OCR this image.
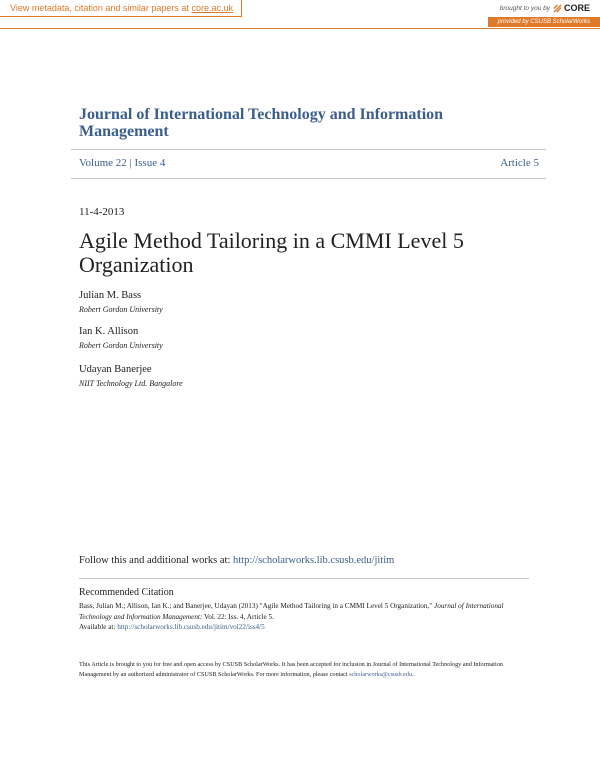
View metadata, citation and similar papers at core.ac.uk	brought to you by CORE
provided by CSUSB ScholarWorks
Journal of International Technology and Information Management
Volume 22 | Issue 4	Article 5
11-4-2013
Agile Method Tailoring in a CMMI Level 5 Organization
Julian M. Bass
Robert Gordon University
Ian K. Allison
Robert Gordon University
Udayan Banerjee
NIIT Technology Ltd. Bangalore
Follow this and additional works at: http://scholarworks.lib.csusb.edu/jitim
Recommended Citation
Bass, Julian M.; Allison, Ian K.; and Banerjee, Udayan (2013) "Agile Method Tailoring in a CMMI Level 5 Organization," Journal of International Technology and Information Management: Vol. 22: Iss. 4, Article 5.
Available at: http://scholarworks.lib.csusb.edu/jitim/vol22/iss4/5
This Article is brought to you for free and open access by CSUSB ScholarWorks. It has been accepted for inclusion in Journal of International Technology and Information Management by an authorized administrator of CSUSB ScholarWorks. For more information, please contact scholarworks@csusb.edu.
